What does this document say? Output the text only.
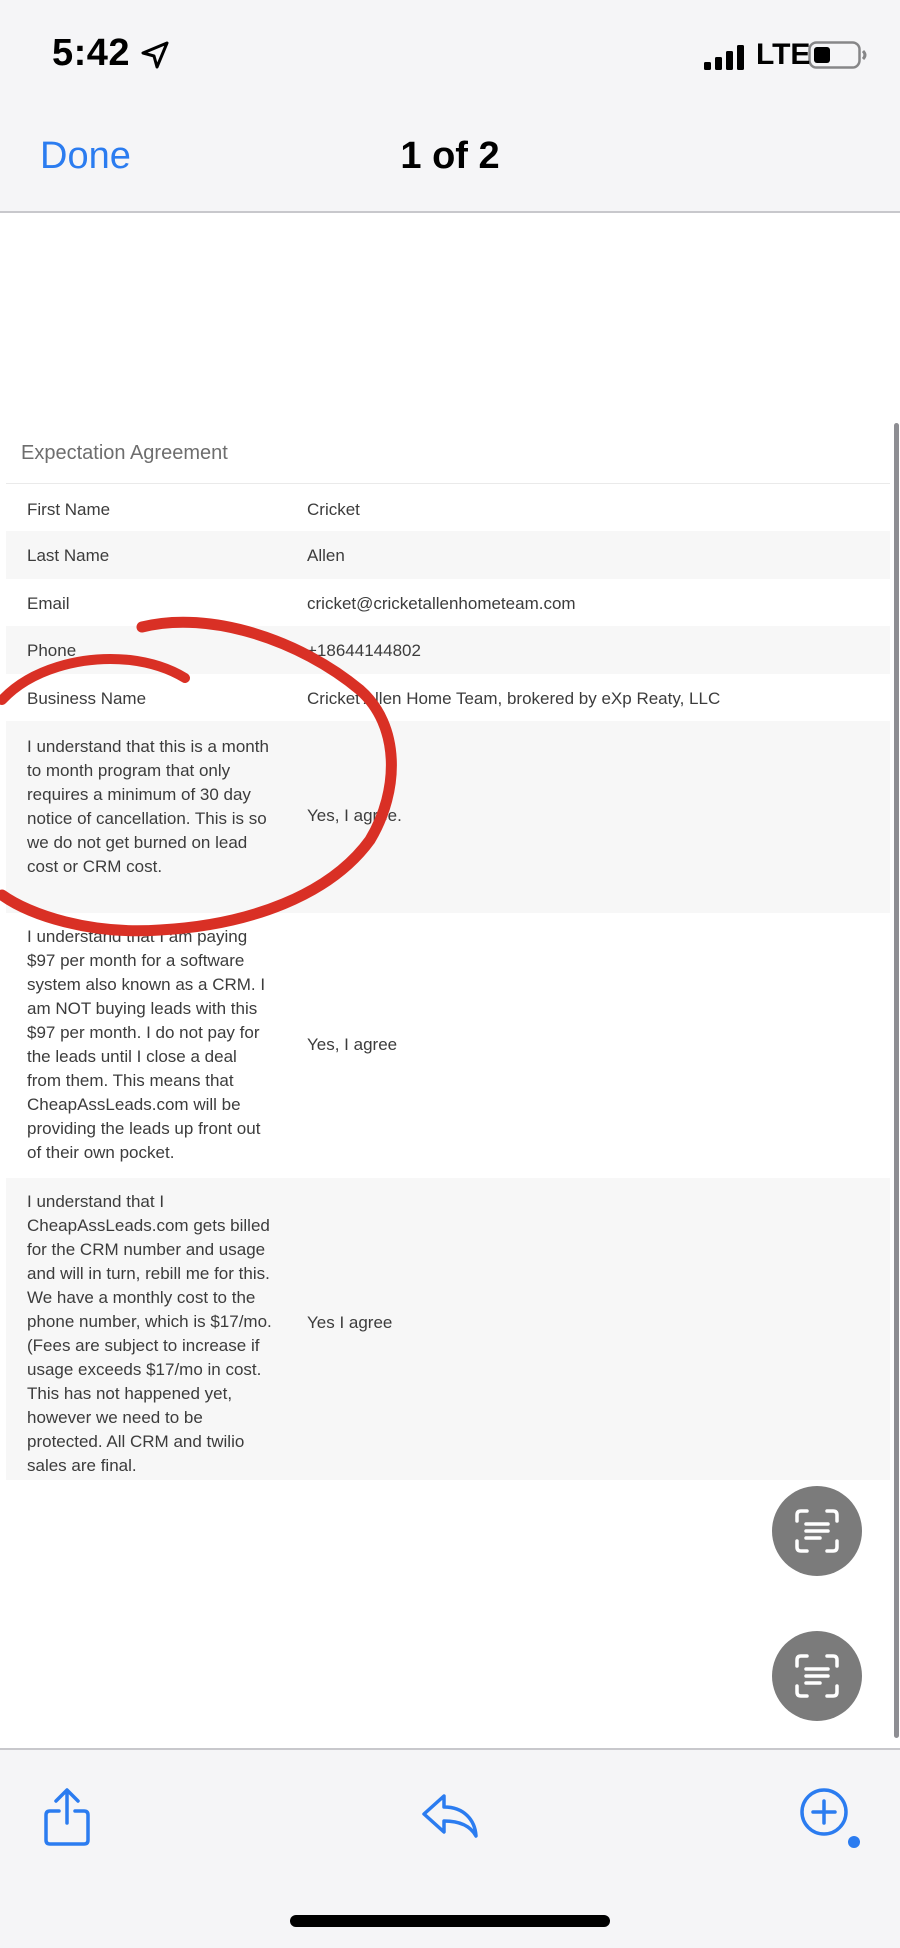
5:42	LTE
Done	1 of 2
Expectation Agreement
First Name	Cricket
Last Name	Allen
Email	cricket@cricketallenhometeam.com
Phone	+18644144802
Business Name	Cricket Allen Home Team, brokered by eXp Reaty, LLC
I understand that this is a month to month program that only requires a minimum of 30 day notice of cancellation. This is so we do not get burned on lead cost or CRM cost.
Yes, I agree.
I understand that I am paying $97 per month for a software system also known as a CRM. I am NOT buying leads with this $97 per month. I do not pay for the leads until I close a deal from them. This means that CheapAssLeads.com will be providing the leads up front out of their own pocket.
Yes, I agree
I understand that I CheapAssLeads.com gets billed for the CRM number and usage and will in turn, rebill me for this. We have a monthly cost to the phone number, which is $17/mo. (Fees are subject to increase if usage exceeds $17/mo in cost. This has not happened yet, however we need to be protected. All CRM and twilio sales are final.
Yes I agree
